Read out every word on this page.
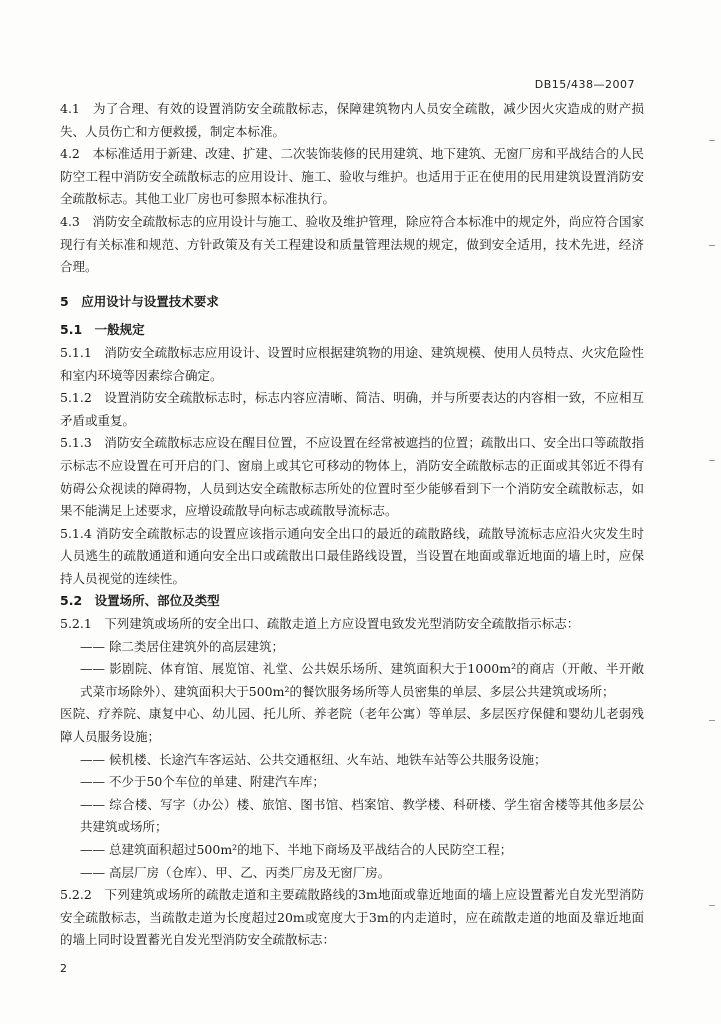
DB15/438—2007

4.1　为了合理、有效的设置消防安全疏散标志，保障建筑物内人员安全疏散，减少因火灾造成的财产损失、人员伤亡和方便救援，制定本标准。

4.2　本标准适用于新建、改建、扩建、二次装饰装修的民用建筑、地下建筑、无窗厂房和平战结合的人民防空工程中消防安全疏散标志的应用设计、施工、验收与维护。也适用于正在使用的民用建筑设置消防安全疏散标志。其他工业厂房也可参照本标准执行。

4.3　消防安全疏散标志的应用设计与施工、验收及维护管理，除应符合本标准中的规定外，尚应符合国家现行有关标准和规范、方针政策及有关工程建设和质量管理法规的规定，做到安全适用，技术先进，经济合理。

5　应用设计与设置技术要求

5.1　一般规定

5.1.1　消防安全疏散标志应用设计、设置时应根据建筑物的用途、建筑规模、使用人员特点、火灾危险性和室内环境等因素综合确定。

5.1.2　设置消防安全疏散标志时，标志内容应清晰、简洁、明确，并与所要表达的内容相一致，不应相互矛盾或重复。

5.1.3　消防安全疏散标志应设在醒目位置，不应设置在经常被遮挡的位置；疏散出口、安全出口等疏散指示标志不应设置在可开启的门、窗扇上或其它可移动的物体上，消防安全疏散标志的正面或其邻近不得有妨碍公众视读的障碍物，人员到达安全疏散标志所处的位置时至少能够看到下一个消防安全疏散标志，如果不能满足上述要求，应增设疏散导向标志或疏散导流标志。

5.1.4 消防安全疏散标志的设置应该指示通向安全出口的最近的疏散路线，疏散导流标志应沿火灾发生时人员逃生的疏散通道和通向安全出口或疏散出口最佳路线设置，当设置在地面或靠近地面的墙上时，应保持人员视觉的连续性。

5.2　设置场所、部位及类型

5.2.1　下列建筑或场所的安全出口、疏散走道上方应设置电致发光型消防安全疏散指示标志：

—— 除二类居住建筑外的高层建筑；

—— 影剧院、体育馆、展览馆、礼堂、公共娱乐场所、建筑面积大于1000m²的商店（开敞、半开敞式菜市场除外）、建筑面积大于500m²的餐饮服务场所等人员密集的单层、多层公共建筑或场所；

医院、疗养院、康复中心、幼儿园、托儿所、养老院（老年公寓）等单层、多层医疗保健和婴幼儿老弱残障人员服务设施；

—— 候机楼、长途汽车客运站、公共交通枢纽、火车站、地铁车站等公共服务设施；

—— 不少于50个车位的单建、附建汽车库；

—— 综合楼、写字（办公）楼、旅馆、图书馆、档案馆、教学楼、科研楼、学生宿舍楼等其他多层公共建筑或场所；

—— 总建筑面积超过500m²的地下、半地下商场及平战结合的人民防空工程；

—— 高层厂房（仓库）、甲、乙、丙类厂房及无窗厂房。

5.2.2　下列建筑或场所的疏散走道和主要疏散路线的3m地面或靠近地面的墙上应设置蓄光自发光型消防安全疏散标志，当疏散走道为长度超过20m或宽度大于3m的内走道时，应在疏散走道的地面及靠近地面的墙上同时设置蓄光自发光型消防安全疏散标志：

2
